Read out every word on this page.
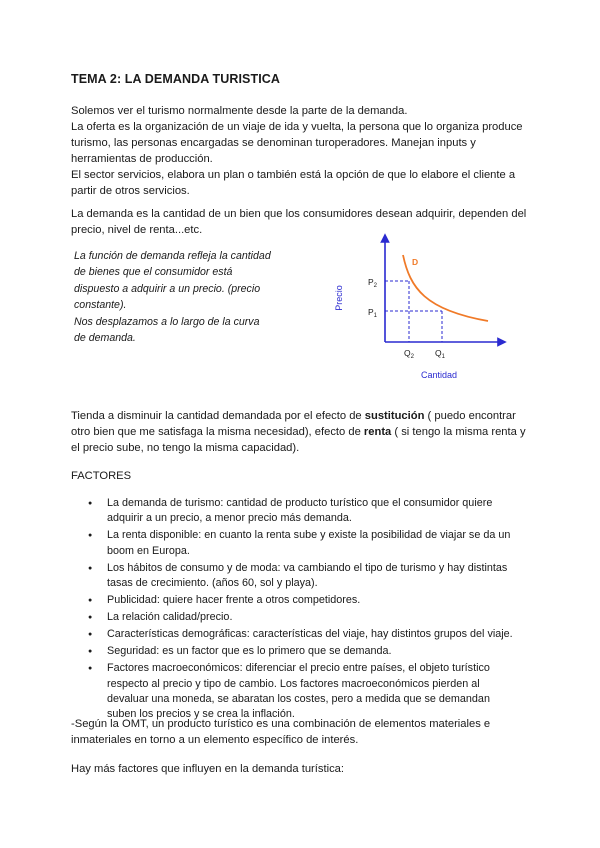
TEMA 2: LA DEMANDA TURISTICA
Solemos ver el turismo normalmente desde la parte de la demanda.
La oferta es la organización de un viaje de ida y vuelta, la persona que lo organiza produce
turismo, las personas encargadas se denominan turoperadores. Manejan inputs y
herramientas de producción.
El sector servicios, elabora un plan o también está la opción de que lo elabore el cliente a
partir de otros servicios.
La demanda es la cantidad de un bien que los consumidores desean adquirir, dependen del
precio, nivel de renta...etc.
La función de demanda refleja la cantidad
de bienes que el consumidor está
dispuesto a adquirir a un precio. (precio
constante).
Nos desplazamos a lo largo de la curva
de demanda.
Precio
Cantidad
D
$P_2$
$P_1$
$Q_2$ $Q_1$
Tienda a disminuir la cantidad demandada por el efecto de sustitución ( puedo encontrar
otro bien que me satisfaga la misma necesidad), efecto de renta ( si tengo la misma renta y
el precio sube, no tengo la misma capacidad).
FACTORES
● La demanda de turismo: cantidad de producto turístico que el consumidor quiere
adquirir a un precio, a menor precio más demanda.
● La renta disponible: en cuanto la renta sube y existe la posibilidad de viajar se da un
boom en Europa.
● Los hábitos de consumo y de moda: va cambiando el tipo de turismo y hay distintas
tasas de crecimiento. (años 60, sol y playa).
● Publicidad: quiere hacer frente a otros competidores.
● La relación calidad/precio.
● Características demográficas: características del viaje, hay distintos grupos del viaje.
● Seguridad: es un factor que es lo primero que se demanda.
● Factores macroeconómicos: diferenciar el precio entre países, el objeto turístico
respecto al precio y tipo de cambio. Los factores macroeconómicos pierden al
devaluar una moneda, se abaratan los costes, pero a medida que se demandan
suben los precios y se crea la inflación.
-Según la OMT, un producto turístico es una combinación de elementos materiales e
inmateriales en torno a un elemento específico de interés.
Hay más factores que influyen en la demanda turística:
